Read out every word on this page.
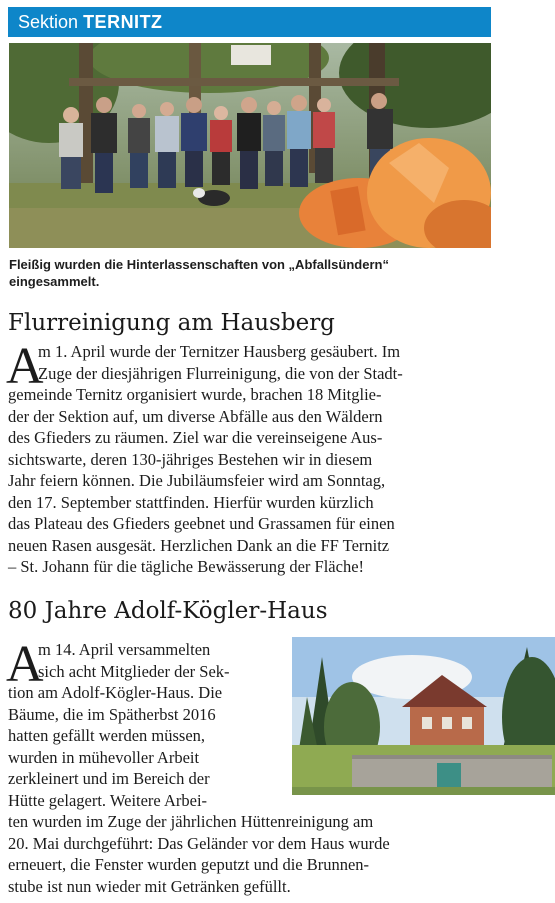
Sektion TERNITZ
Fleißig wurden die Hinterlassenschaften von „Abfallsündern“
eingesammelt.
Flurreinigung am Hausberg
A
m 1. April wurde der Ternitzer Hausberg gesäubert. Im
Zuge der diesjährigen Flurreinigung, die von der Stadt-
gemeinde Ternitz organisiert wurde, brachen 18 Mitglie-
der der Sektion auf, um diverse Abfälle aus den Wäldern
des Gfieders zu räumen. Ziel war die vereinseigene Aus-
sichtswarte, deren 130-jähriges Bestehen wir in diesem
Jahr feiern können. Die Jubiläumsfeier wird am Sonntag,
den 17. September stattfinden. Hierfür wurden kürzlich
das Plateau des Gfieders geebnet und Grassamen für einen
neuen Rasen ausgesät. Herzlichen Dank an die FF Ternitz
– St. Johann für die tägliche Bewässerung der Fläche!
80 Jahre Adolf-Kögler-Haus
A
m 14. April versammelten
sich acht Mitglieder der Sek-
tion am Adolf-Kögler-Haus. Die
Bäume, die im Spätherbst 2016
hatten gefällt werden müssen,
wurden in mühevoller Arbeit
zerkleinert und im Bereich der
Hütte gelagert. Weitere Arbei-
ten wurden im Zuge der jährlichen Hüttenreinigung am
20. Mai durchgeführt: Das Geländer vor dem Haus wurde
erneuert, die Fenster wurden geputzt und die Brunnen-
stube ist nun wieder mit Getränken gefüllt.
